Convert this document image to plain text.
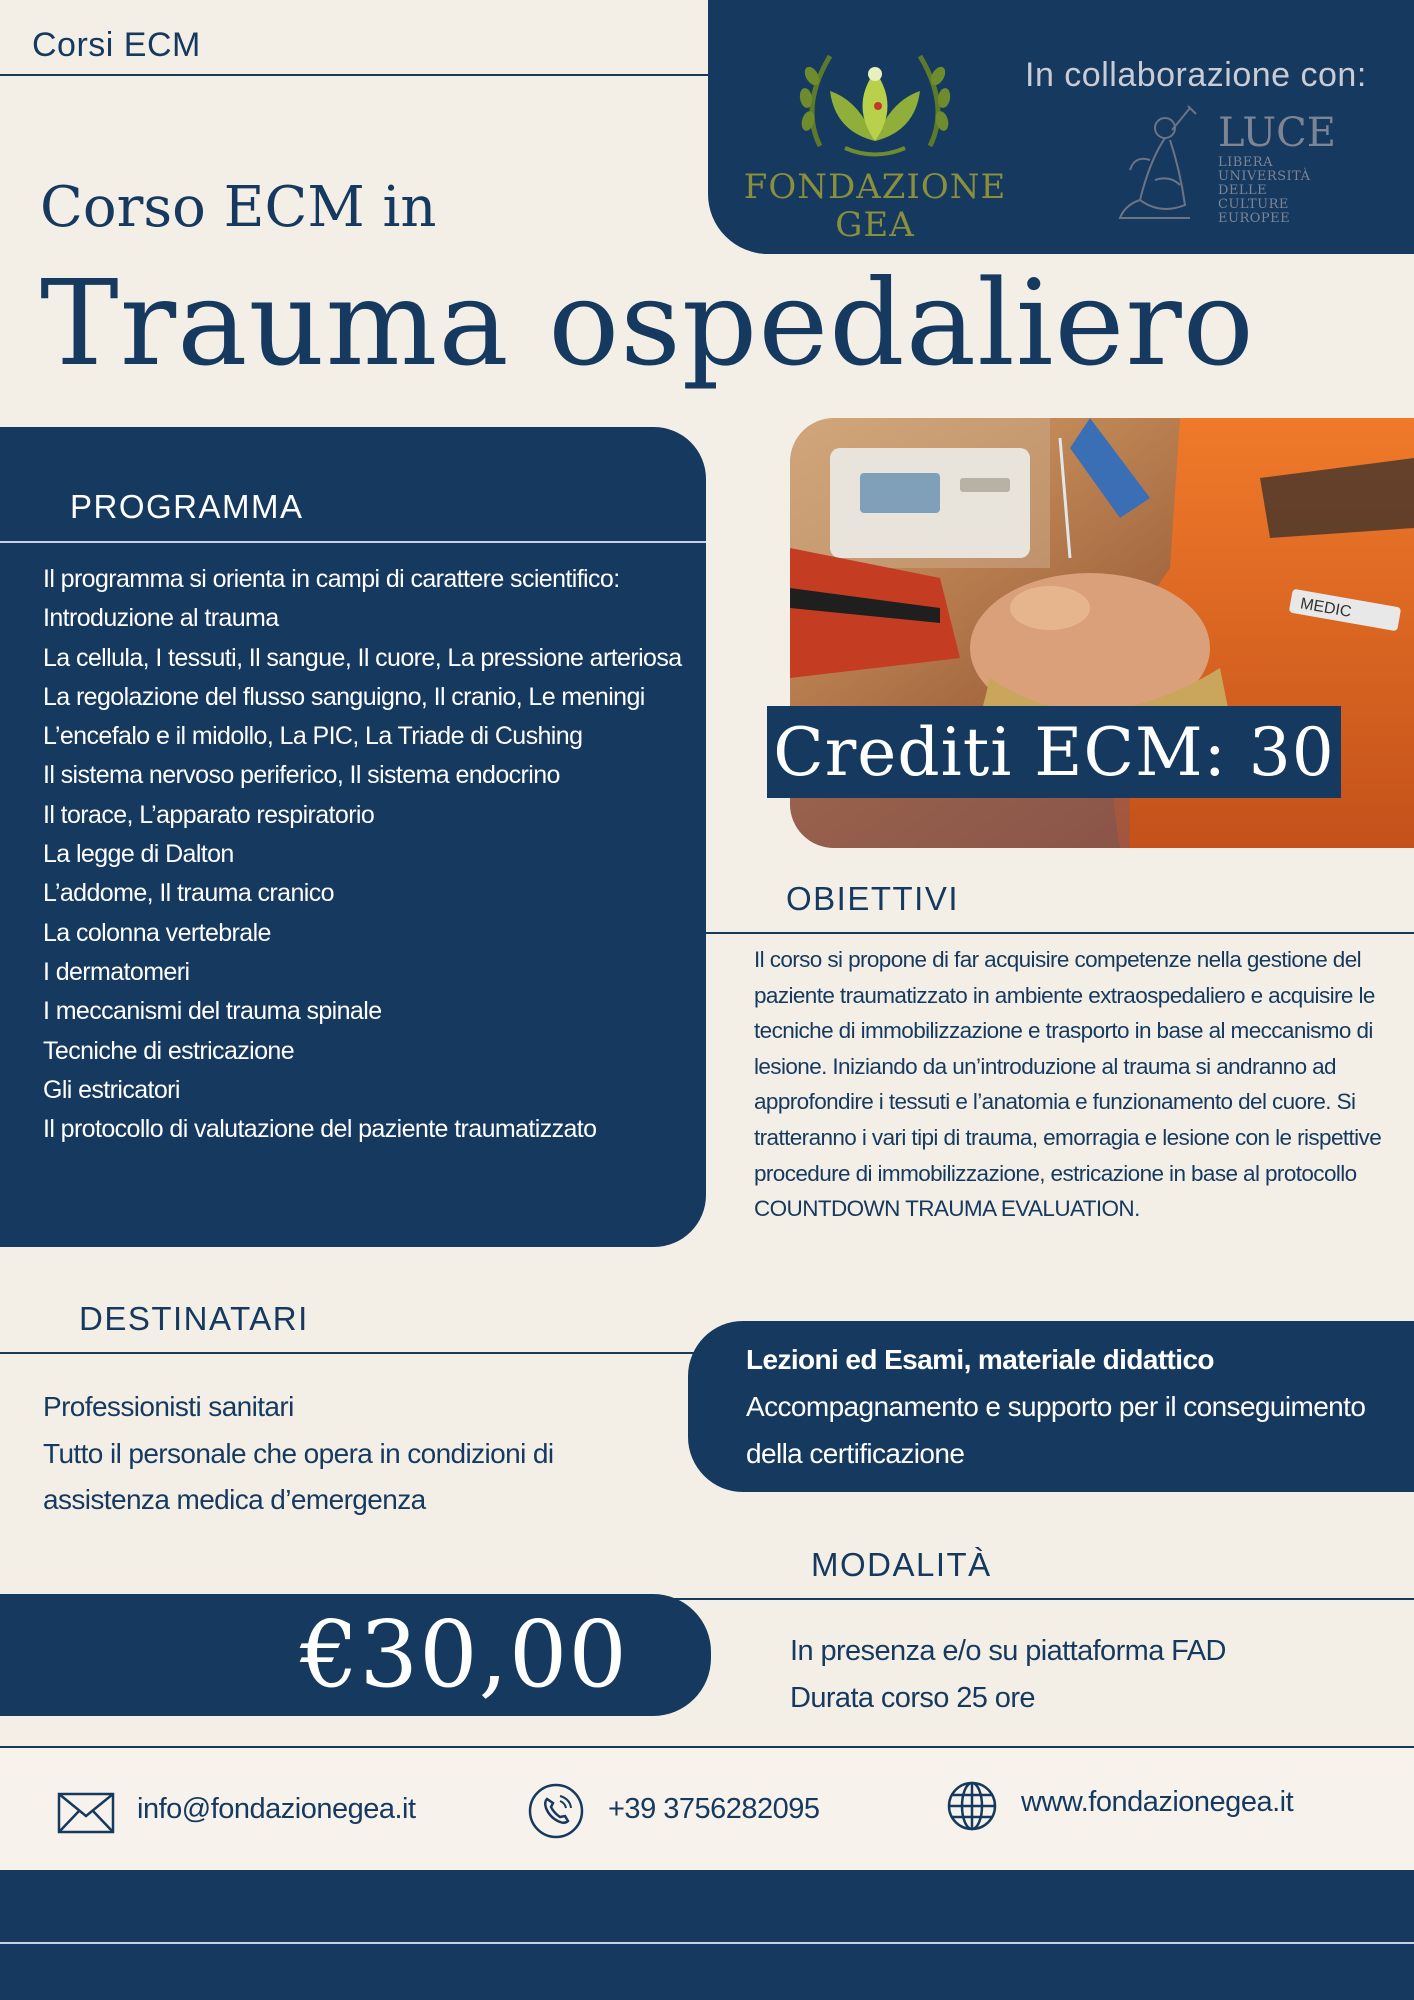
Corsi ECM
FONDAZIONE GEA
In collaborazione con:
LUCE
LIBERA UNIVERSITÀ DELLE CULTURE EUROPEE
Corso ECM in
Trauma ospedaliero
PROGRAMMA
Il programma si orienta in campi di carattere scientifico:
Introduzione al trauma
La cellula, I tessuti, Il sangue, Il cuore, La pressione arteriosa
La regolazione del flusso sanguigno, Il cranio, Le meningi
L’encefalo e il midollo, La PIC, La Triade di Cushing
Il sistema nervoso periferico, Il sistema endocrino
Il torace, L’apparato respiratorio
La legge di Dalton
L’addome, Il trauma cranico
La colonna vertebrale
I dermatomeri
I meccanismi del trauma spinale
Tecniche di estricazione
Gli estricatori
Il protocollo di valutazione del paziente traumatizzato
MEDIC
Crediti ECM: 30
OBIETTIVI
Il corso si propone di far acquisire competenze nella gestione del paziente traumatizzato in ambiente extraospedaliero e acquisire le tecniche di immobilizzazione e trasporto in base al meccanismo di lesione. Iniziando da un’introduzione al trauma si andranno ad approfondire i tessuti e l’anatomia e funzionamento del cuore. Si tratteranno i vari tipi di trauma, emorragia e lesione con le rispettive procedure di immobilizzazione, estricazione in base al protocollo COUNTDOWN TRAUMA EVALUATION.
DESTINATARI
Professionisti sanitari
Tutto il personale che opera in condizioni di assistenza medica d’emergenza
Lezioni ed Esami, materiale didattico
Accompagnamento e supporto per il conseguimento della certificazione
MODALITÀ
€30,00	In presenza e/o su piattaforma FAD
Durata corso 25 ore
info@fondazionegea.it	+39 3756282095	www.fondazionegea.it
